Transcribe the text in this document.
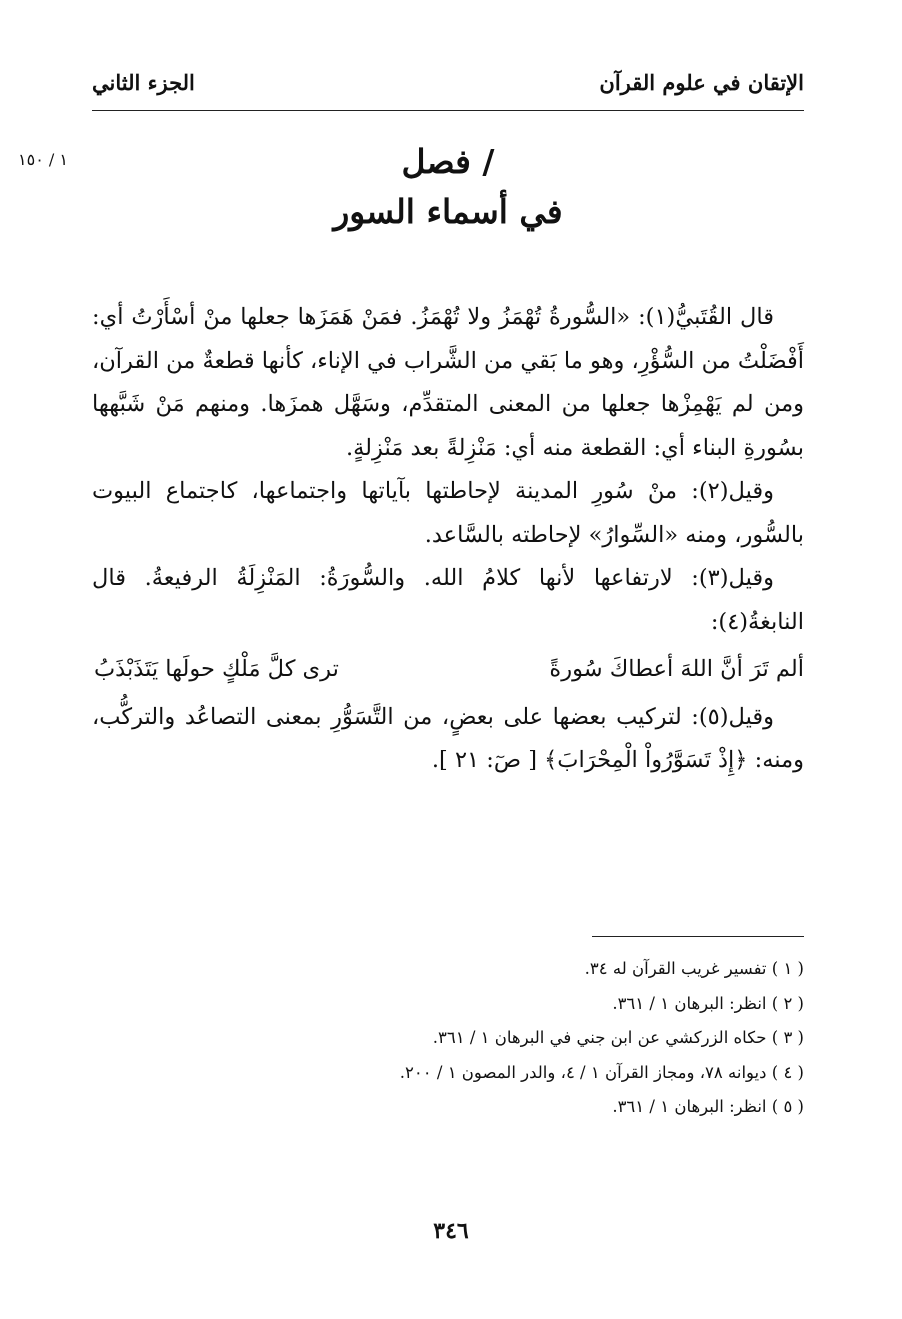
الإتقان في علوم القرآن
الجزء الثاني
١ / ١٥٠	/ فصل
في أسماء السور

قال القُتَبيُّ(١): «السُّورةُ تُهْمَزُ ولا تُهْمَزُ. فمَنْ هَمَزَها جعلها منْ أسْأَرْتُ أي: أَفْضَلْتُ من السُّؤْرِ، وهو ما بَقي من الشَّراب في الإناء، كأنها قطعةٌ من القرآن، ومن لم يَهْمِزْها جعلها من المعنى المتقدِّم، وسَهَّل همزَها. ومنهم مَنْ شَبَّهها بسُورةِ البناء أي: القطعة منه أي: مَنْزِلةً بعد مَنْزِلةٍ.

وقيل(٢): منْ سُورِ المدينة لإحاطتها بآياتها واجتماعها، كاجتماع البيوت بالسُّور، ومنه «السِّوارُ» لإحاطته بالسَّاعد.

وقيل(٣): لارتفاعها لأنها كلامُ الله. والسُّورَةُ: المَنْزِلَةُ الرفيعةُ. قال النابغةُ(٤):

ألم تَرَ أنَّ اللهَ أعطاكَ سُورةً
ترى كلَّ مَلْكٍ حولَها يَتَذَبْذَبُ

وقيل(٥): لتركيب بعضها على بعضٍ، من التَّسَوُّرِ بمعنى التصاعُد والتركُّب، ومنه: ﴿إِذْ تَسَوَّرُواْ الْمِحْرَابَ﴾ [ صٓ: ٢١ ].

( ١ ) تفسير غريب القرآن له ٣٤.
( ٢ ) انظر: البرهان ١ / ٣٦١.
( ٣ ) حكاه الزركشي عن ابن جني في البرهان ١ / ٣٦١.
( ٤ ) ديوانه ٧٨، ومجاز القرآن ١ / ٤، والدر المصون ١ / ٢٠٠.
( ٥ ) انظر: البرهان ١ / ٣٦١.
٣٤٦
